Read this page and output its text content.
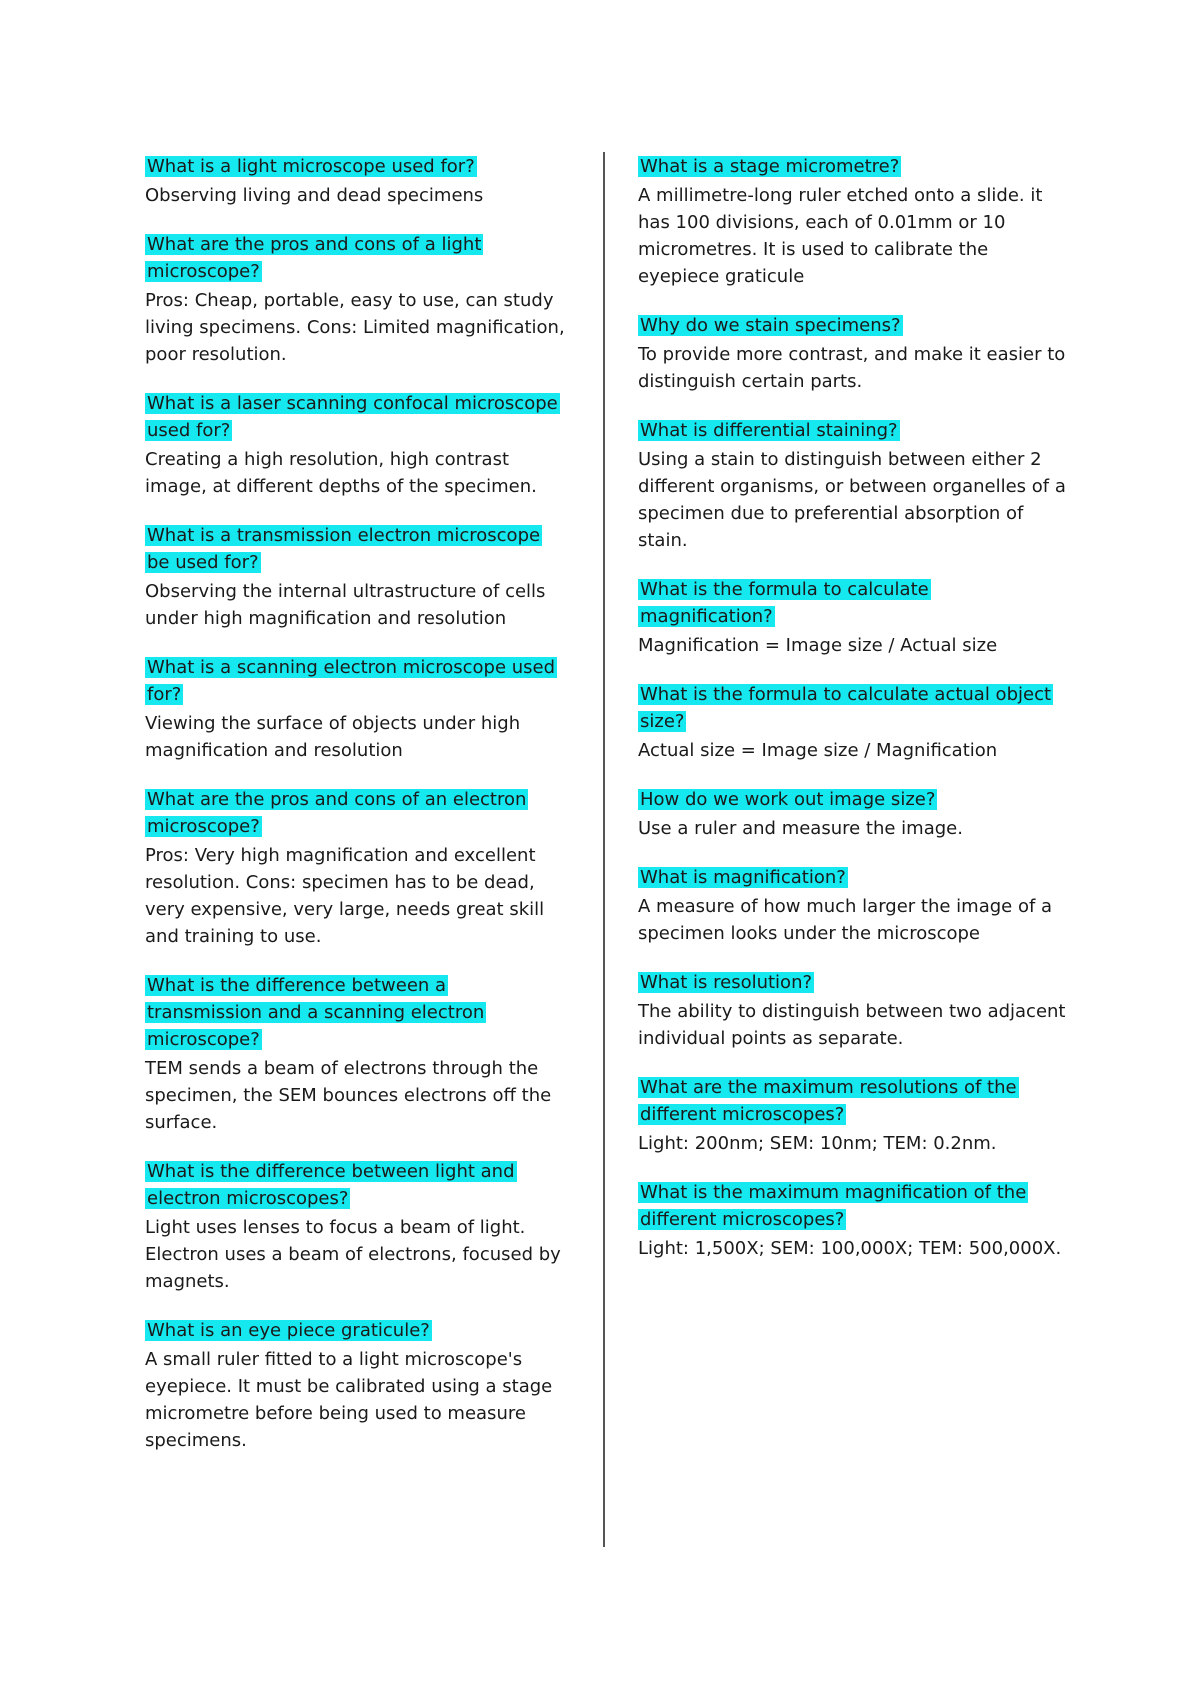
What is a light microscope used for?

Observing living and dead specimens

What are the pros and cons of a light microscope?

Pros: Cheap, portable, easy to use, can study living specimens. Cons: Limited magnification, poor resolution.

What is a laser scanning confocal microscope used for?

Creating a high resolution, high contrast image, at different depths of the specimen.

What is a transmission electron microscope be used for?

Observing the internal ultrastructure of cells under high magnification and resolution

What is a scanning electron microscope used for?

Viewing the surface of objects under high magnification and resolution

What are the pros and cons of an electron microscope?

Pros: Very high magnification and excellent resolution. Cons: specimen has to be dead, very expensive, very large, needs great skill and training to use.

What is the difference between a transmission and a scanning electron microscope?

TEM sends a beam of electrons through the specimen, the SEM bounces electrons off the surface.

What is the difference between light and electron microscopes?

Light uses lenses to focus a beam of light. Electron uses a beam of electrons, focused by magnets.

What is an eye piece graticule?

A small ruler fitted to a light microscope's eyepiece. It must be calibrated using a stage micrometre before being used to measure specimens.

What is a stage micrometre?

A millimetre-long ruler etched onto a slide. it has 100 divisions, each of 0.01mm or 10 micrometres. It is used to calibrate the eyepiece graticule

Why do we stain specimens?

To provide more contrast, and make it easier to distinguish certain parts.

What is differential staining?

Using a stain to distinguish between either 2 different organisms, or between organelles of a specimen due to preferential absorption of stain.

What is the formula to calculate magnification?

Magnification = Image size / Actual size

What is the formula to calculate actual object size?

Actual size = Image size / Magnification

How do we work out image size?

Use a ruler and measure the image.

What is magnification?

A measure of how much larger the image of a specimen looks under the microscope

What is resolution?

The ability to distinguish between two adjacent individual points as separate.

What are the maximum resolutions of the different microscopes?

Light: 200nm; SEM: 10nm; TEM: 0.2nm.

What is the maximum magnification of the different microscopes?

Light: 1,500X; SEM: 100,000X; TEM: 500,000X.
